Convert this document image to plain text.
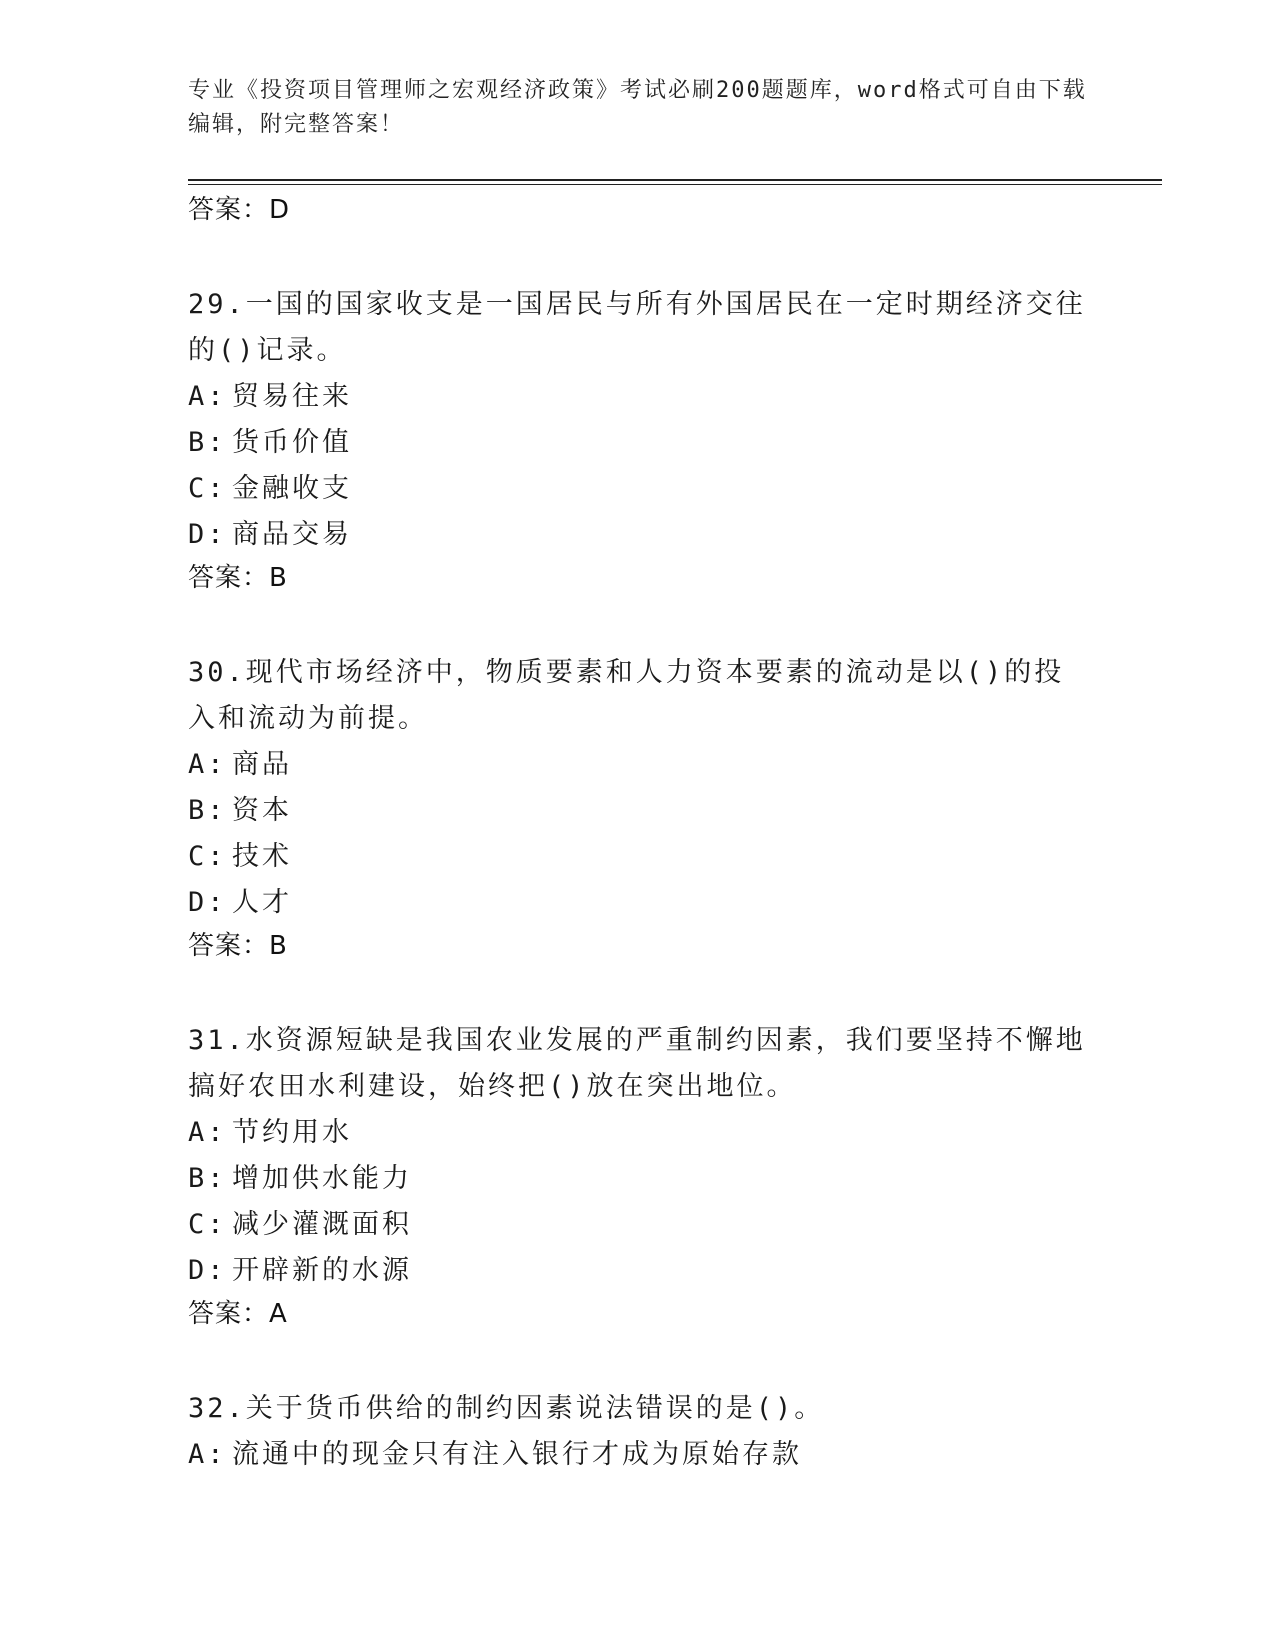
专业《投资项目管理师之宏观经济政策》考试必刷200题题库，word格式可自由下载编辑，附完整答案！

答案：D

29.一国的国家收支是一国居民与所有外国居民在一定时期经济交往的()记录。

A: 贸易往来
B: 货币价值
C: 金融收支
D: 商品交易
答案：B

30.现代市场经济中，物质要素和人力资本要素的流动是以()的投入和流动为前提。

A: 商品
B: 资本
C: 技术
D: 人才
答案：B

31.水资源短缺是我国农业发展的严重制约因素，我们要坚持不懈地搞好农田水利建设，始终把()放在突出地位。

A: 节约用水
B: 增加供水能力
C: 减少灌溉面积
D: 开辟新的水源
答案：A

32.关于货币供给的制约因素说法错误的是()。

A: 流通中的现金只有注入银行才成为原始存款
